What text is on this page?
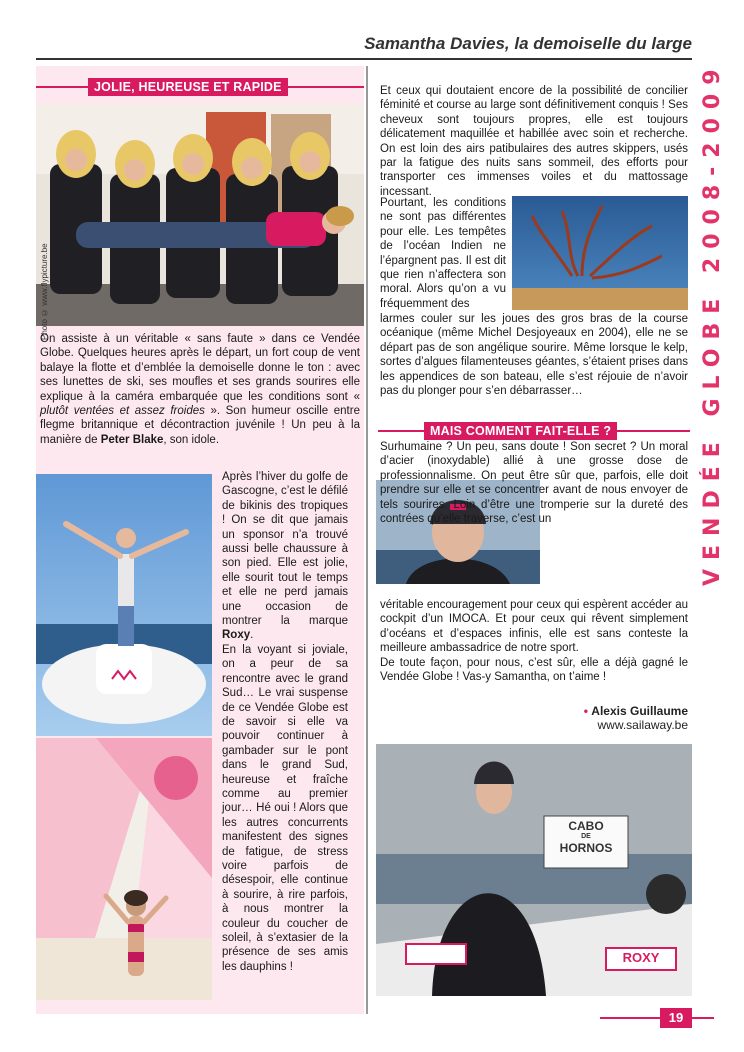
Samantha Davies, la demoiselle du large
JOLIE, HEUREUSE ET RAPIDE
Photo © www.flypicture.be

On assiste à un véritable « sans faute » dans ce Vendée Globe. Quelques heures après le départ, un fort coup de vent balaye la flotte et d’emblée la demoiselle donne le ton : avec ses lunettes de ski, ses moufles et ses grands sourires elle explique à la caméra embarquée que les conditions sont « plutôt ventées et assez froides ». Son humeur oscille entre flegme britannique et décontraction juvénile ! Un peu à la manière de Peter Blake, son idole.

Après l’hiver du golfe de Gascogne, c’est le défilé de bikinis des tropiques ! On se dit que jamais un sponsor n’a trouvé aussi belle chaussure à son pied. Elle est jolie, elle sourit tout le temps et elle ne perd jamais une occasion de montrer la marque Roxy.

En la voyant si joviale, on a peur de sa rencontre avec le grand Sud… Le vrai suspense de ce Vendée Globe est de savoir si elle va pouvoir continuer à gambader sur le pont dans le grand Sud, heureuse et fraîche comme au premier jour… Hé oui ! Alors que les autres concurrents manifestent des signes de fatigue, de stress voire parfois de désespoir, elle continue à sourire, à rire parfois, à nous montrer la couleur du coucher de soleil, à s’extasier de la présence de ses amis les dauphins !

Et ceux qui doutaient encore de la possibilité de concilier féminité et course au large sont définitivement conquis ! Ses cheveux sont toujours propres, elle est toujours délicatement maquillée et habillée avec soin et recherche. On est loin des airs patibulaires des autres skippers, usés par la fatigue des nuits sans sommeil, des efforts pour transporter ces immenses voiles et du mattossage incessant.
Pourtant, les conditions ne sont pas différentes pour elle. Les tempêtes de l’océan Indien ne l’épargnent pas. Il est dit que rien n’affectera son moral. Alors qu’on a vu fréquemment des
larmes couler sur les joues des gros bras de la course océanique (même Michel Desjoyeaux en 2004), elle ne se départ pas de son angélique sourire. Même lorsque le kelp, sortes d’algues filamenteuses géantes, s’étaient prises dans les appendices de son bateau, elle s’est réjouie de n’avoir pas du plonger pour s’en débarrasser…
MAIS COMMENT FAIT-ELLE ?

Surhumaine ? Un peu, sans doute ! Son secret ? Un moral d’acier (inoxydable) allié à une grosse dose de professionnalisme. On peut être sûr que, parfois, elle doit prendre sur elle et se concentrer avant de nous envoyer de tels sourires. Loin d’être une tromperie sur la dureté des contrées qu’elle traverse, c’est un

véritable encouragement pour ceux qui espèrent accéder au cockpit d’un IMOCA. Et pour ceux qui rêvent simplement d’océans et d’espaces infinis, elle est sans conteste la meilleure ambassadrice de notre sport.
De toute façon, pour nous, c’est sûr, elle a déjà gagné le Vendée Globe ! Vas-y Samantha, on t’aime !
• Alexis Guillaume
www.sailaway.be
CABO
DE
HORNOS
ROXY
VENDÉE GLOBE 2008-2009
19
